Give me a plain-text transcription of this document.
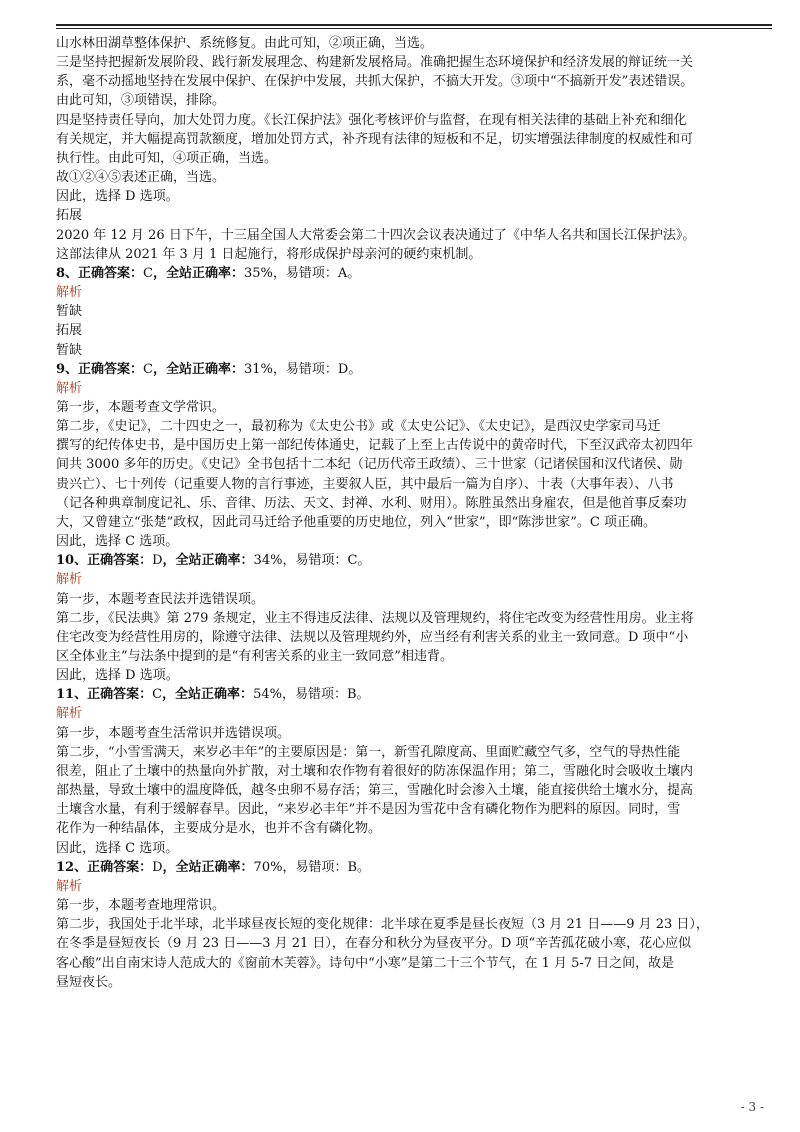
山水林田湖草整体保护、系统修复。由此可知，②项正确，当选。
三是坚持把握新发展阶段、践行新发展理念、构建新发展格局。准确把握生态环境保护和经济发展的辩证统一关
系，毫不动摇地坚持在发展中保护、在保护中发展，共抓大保护，不搞大开发。③项中“不搞新开发”表述错误。
由此可知，③项错误，排除。
四是坚持责任导向，加大处罚力度。《长江保护法》强化考核评价与监督，在现有相关法律的基础上补充和细化
有关规定，并大幅提高罚款额度，增加处罚方式，补齐现有法律的短板和不足，切实增强法律制度的权威性和可
执行性。由此可知，④项正确，当选。
故①②④⑤表述正确，当选。
因此，选择 D 选项。
拓展
2020 年 12 月 26 日下午，十三届全国人大常委会第二十四次会议表决通过了《中华人名共和国长江保护法》。
这部法律从 2021 年 3 月 1 日起施行，将形成保护母亲河的硬约束机制。
8、正确答案：C，全站正确率：35%，易错项：A。
解析
暂缺
拓展
暂缺
9、正确答案：C，全站正确率：31%，易错项：D。
解析
第一步，本题考查文学常识。
第二步，《史记》，二十四史之一，最初称为《太史公书》或《太史公记》、《太史记》，是西汉史学家司马迁
撰写的纪传体史书，是中国历史上第一部纪传体通史，记载了上至上古传说中的黄帝时代，下至汉武帝太初四年
间共 3000 多年的历史。《史记》全书包括十二本纪（记历代帝王政绩）、三十世家（记诸侯国和汉代诸侯、勋
贵兴亡）、七十列传（记重要人物的言行事迹，主要叙人臣，其中最后一篇为自序）、十表（大事年表）、八书
（记各种典章制度记礼、乐、音律、历法、天文、封禅、水利、财用）。陈胜虽然出身雇农，但是他首事反秦功
大，又曾建立“张楚”政权，因此司马迁给予他重要的历史地位，列入“世家”，即“陈涉世家”。C 项正确。
因此，选择 C 选项。
10、正确答案：D，全站正确率：34%，易错项：C。
解析
第一步，本题考查民法并选错误项。
第二步，《民法典》第 279 条规定，业主不得违反法律、法规以及管理规约，将住宅改变为经营性用房。业主将
住宅改变为经营性用房的，除遵守法律、法规以及管理规约外，应当经有利害关系的业主一致同意。D 项中“小
区全体业主”与法条中提到的是“有利害关系的业主一致同意”相违背。
因此，选择 D 选项。
11、正确答案：C，全站正确率：54%，易错项：B。
解析
第一步，本题考查生活常识并选错误项。
第二步，“小雪雪满天，来岁必丰年”的主要原因是：第一，新雪孔隙度高、里面贮藏空气多，空气的导热性能
很差，阻止了土壤中的热量向外扩散，对土壤和农作物有着很好的防冻保温作用；第二，雪融化时会吸收土壤内
部热量，导致土壤中的温度降低，越冬虫卵不易存活；第三，雪融化时会渗入土壤，能直接供给土壤水分，提高
土壤含水量，有利于缓解春旱。因此，“来岁必丰年”并不是因为雪花中含有磷化物作为肥料的原因。同时，雪
花作为一种结晶体，主要成分是水，也并不含有磷化物。
因此，选择 C 选项。
12、正确答案：D，全站正确率：70%，易错项：B。
解析
第一步，本题考查地理常识。
第二步，我国处于北半球，北半球昼夜长短的变化规律：北半球在夏季是昼长夜短（3 月 21 日——9 月 23 日），
在冬季是昼短夜长（9 月 23 日——3 月 21 日），在春分和秋分为昼夜平分。D 项“辛苦孤花破小寒，花心应似
客心酸”出自南宋诗人范成大的《窗前木芙蓉》。诗句中“小寒”是第二十三个节气，在 1 月 5-7 日之间，故是
昼短夜长。
- 3 -
